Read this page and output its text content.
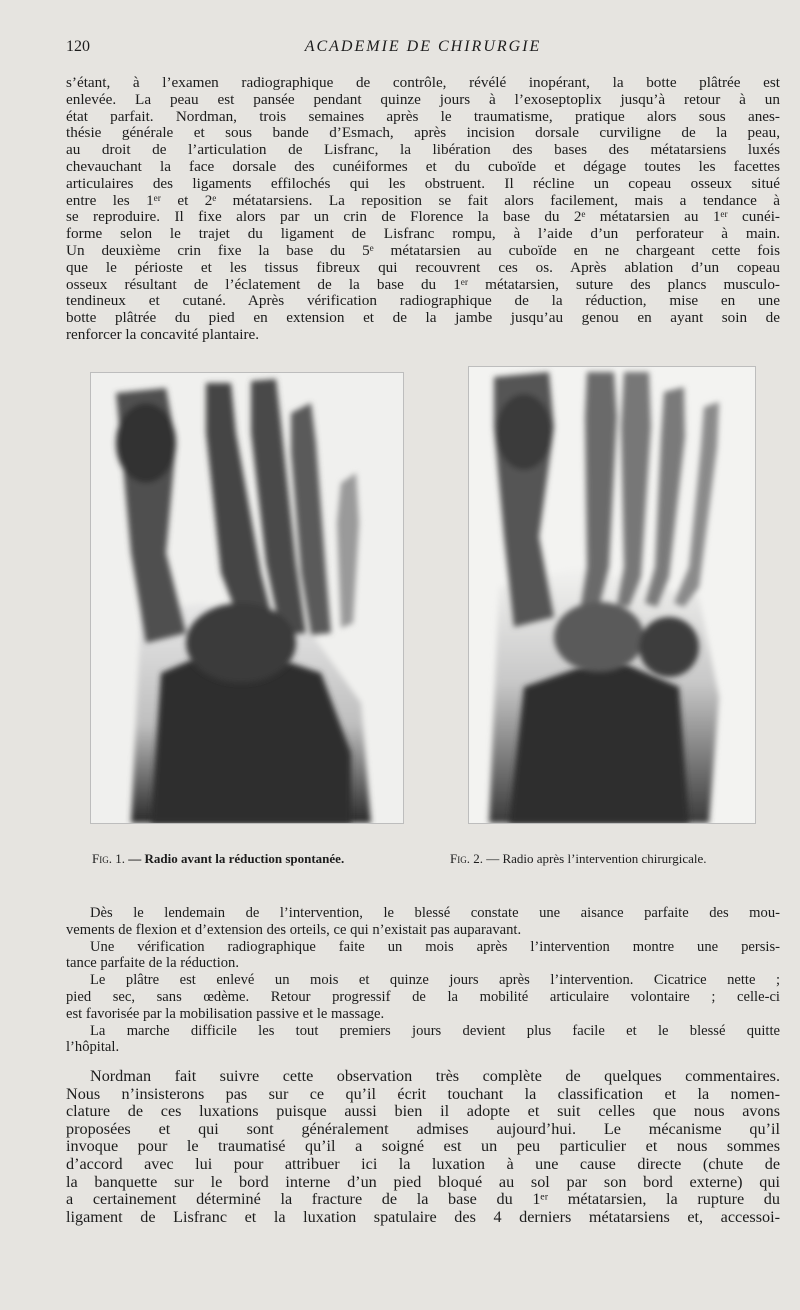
120	ACADEMIE DE CHIRURGIE

s’étant, à l’examen radiographique de contrôle, révélé inopérant, la botte plâtrée est
enlevée. La peau est pansée pendant quinze jours à l’exoseptoplix jusqu’à retour à un
état parfait. Nordman, trois semaines après le traumatisme, pratique alors sous anes-
thésie générale et sous bande d’Esmach, après incision dorsale curviligne de la peau,
au droit de l’articulation de Lisfranc, la libération des bases des métatarsiens luxés
chevauchant la face dorsale des cunéiformes et du cuboïde et dégage toutes les facettes
articulaires des ligaments effilochés qui les obstruent. Il récline un copeau osseux situé
entre les 1ᵉʳ et 2ᵉ métatarsiens. La reposition se fait alors facilement, mais a tendance à
se reproduire. Il fixe alors par un crin de Florence la base du 2ᵉ métatarsien au 1ᵉʳ cunéi-
forme selon le trajet du ligament de Lisfranc rompu, à l’aide d’un perforateur à main.
Un deuxième crin fixe la base du 5ᵉ métatarsien au cuboïde en ne chargeant cette fois
que le périoste et les tissus fibreux qui recouvrent ces os. Après ablation d’un copeau
osseux résultant de l’éclatement de la base du 1ᵉʳ métatarsien, suture des plancs musculo-
tendineux et cutané. Après vérification radiographique de la réduction, mise en une
botte plâtrée du pied en extension et de la jambe jusqu’au genou en ayant soin de
renforcer la concavité plantaire.

Fig. 1. — Radio avant la réduction spontanée.	Fig. 2. — Radio après l’intervention chirurgicale.

Dès le lendemain de l’intervention, le blessé constate une aisance parfaite des mou-
vements de flexion et d’extension des orteils, ce qui n’existait pas auparavant.
Une vérification radiographique faite un mois après l’intervention montre une persis-
tance parfaite de la réduction.
Le plâtre est enlevé un mois et quinze jours après l’intervention. Cicatrice nette ;
pied sec, sans œdème. Retour progressif de la mobilité articulaire volontaire ; celle-ci
est favorisée par la mobilisation passive et le massage.
La marche difficile les tout premiers jours devient plus facile et le blessé quitte
l’hôpital.

Nordman fait suivre cette observation très complète de quelques commentaires.
Nous n’insisterons pas sur ce qu’il écrit touchant la classification et la nomen-
clature de ces luxations puisque aussi bien il adopte et suit celles que nous avons
proposées et qui sont généralement admises aujourd’hui. Le mécanisme qu’il
invoque pour le traumatisé qu’il a soigné est un peu particulier et nous sommes
d’accord avec lui pour attribuer ici la luxation à une cause directe (chute de
la banquette sur le bord interne d’un pied bloqué au sol par son bord externe) qui
a certainement déterminé la fracture de la base du 1ᵉʳ métatarsien, la rupture du
ligament de Lisfranc et la luxation spatulaire des 4 derniers métatarsiens et, accessoi-
